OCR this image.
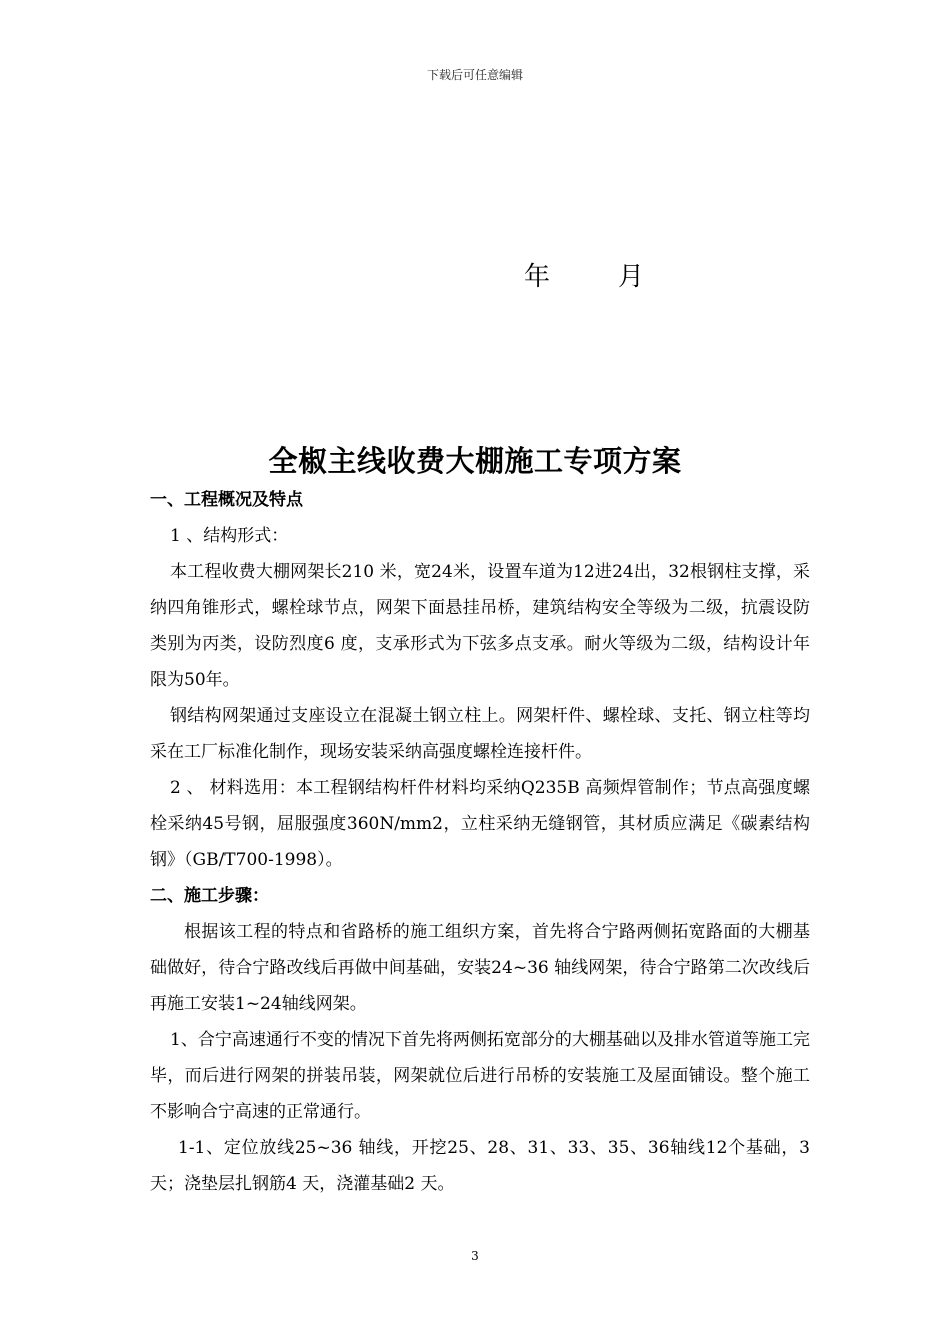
下载后可任意编辑
年	月
全椒主线收费大棚施工专项方案

一、工程概况及特点

1 、结构形式：

本工程收费大棚网架长210 米，宽24米，设置车道为12进24出，32根钢柱支撑，采纳四角锥形式，螺栓球节点，网架下面悬挂吊桥，建筑结构安全等级为二级，抗震设防类别为丙类，设防烈度6 度，支承形式为下弦多点支承。耐火等级为二级，结构设计年限为50年。

钢结构网架通过支座设立在混凝土钢立柱上。网架杆件、螺栓球、支托、钢立柱等均采在工厂标准化制作，现场安装采纳高强度螺栓连接杆件。

2 、 材料选用：本工程钢结构杆件材料均采纳Q235B 高频焊管制作；节点高强度螺栓采纳45号钢，屈服强度360N/mm2，立柱采纳无缝钢管，其材质应满足《碳素结构钢》（GB/T700-1998）。

二、施工步骤：

根据该工程的特点和省路桥的施工组织方案，首先将合宁路两侧拓宽路面的大棚基础做好，待合宁路改线后再做中间基础，安装24~36 轴线网架，待合宁路第二次改线后再施工安装1~24轴线网架。

1、合宁高速通行不变的情况下首先将两侧拓宽部分的大棚基础以及排水管道等施工完毕，而后进行网架的拼装吊装，网架就位后进行吊桥的安装施工及屋面铺设。整个施工不影响合宁高速的正常通行。

1-1、定位放线25~36 轴线，开挖25、28、31、33、35、36轴线12个基础，3 天；浇垫层扎钢筋4 天，浇灌基础2 天。

3
